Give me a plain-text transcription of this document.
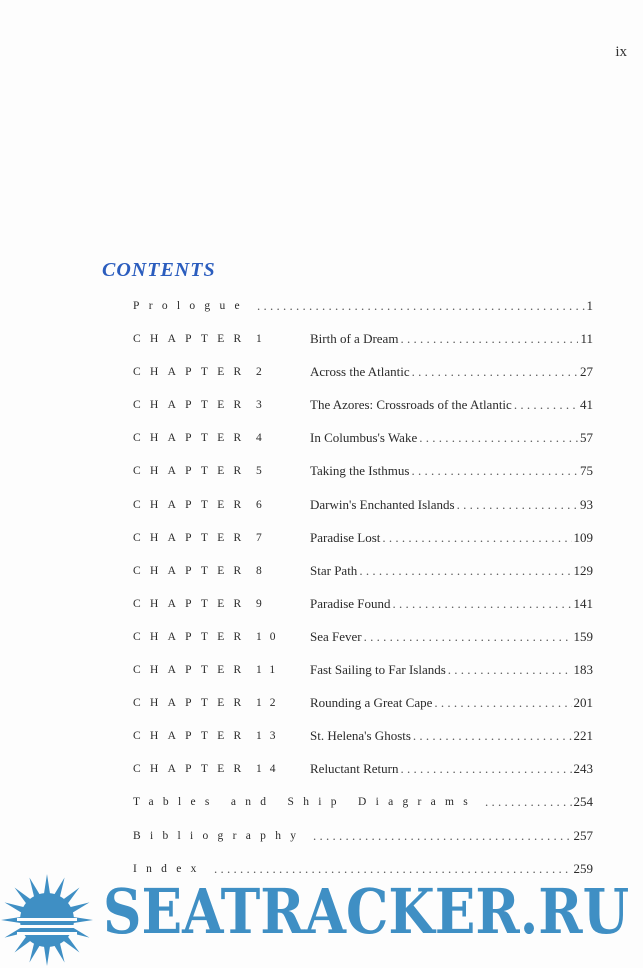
ix
CONTENTS
Prologue . . .	1
CHAPTER 1	Birth of a Dream . . .	11
CHAPTER 2	Across the Atlantic . . .	27
CHAPTER 3	The Azores: Crossroads of the Atlantic . . .	41
CHAPTER 4	In Columbus's Wake . . .	57
CHAPTER 5	Taking the Isthmus . . .	75
CHAPTER 6	Darwin's Enchanted Islands . . .	93
CHAPTER 7	Paradise Lost . . .	109
CHAPTER 8	Star Path . . .	129
CHAPTER 9	Paradise Found . . .	141
CHAPTER 10 Sea Fever . . .	159
CHAPTER 11 Fast Sailing to Far Islands . . .	183
CHAPTER 12 Rounding a Great Cape . . .	201
CHAPTER 13 St. Helena's Ghosts . . .	221
CHAPTER 14 Reluctant Return . . .	243
Tables and Ship Diagrams . . .	254
Bibliography . . .	257
Index . . .	259
SEATRACKER.RU
